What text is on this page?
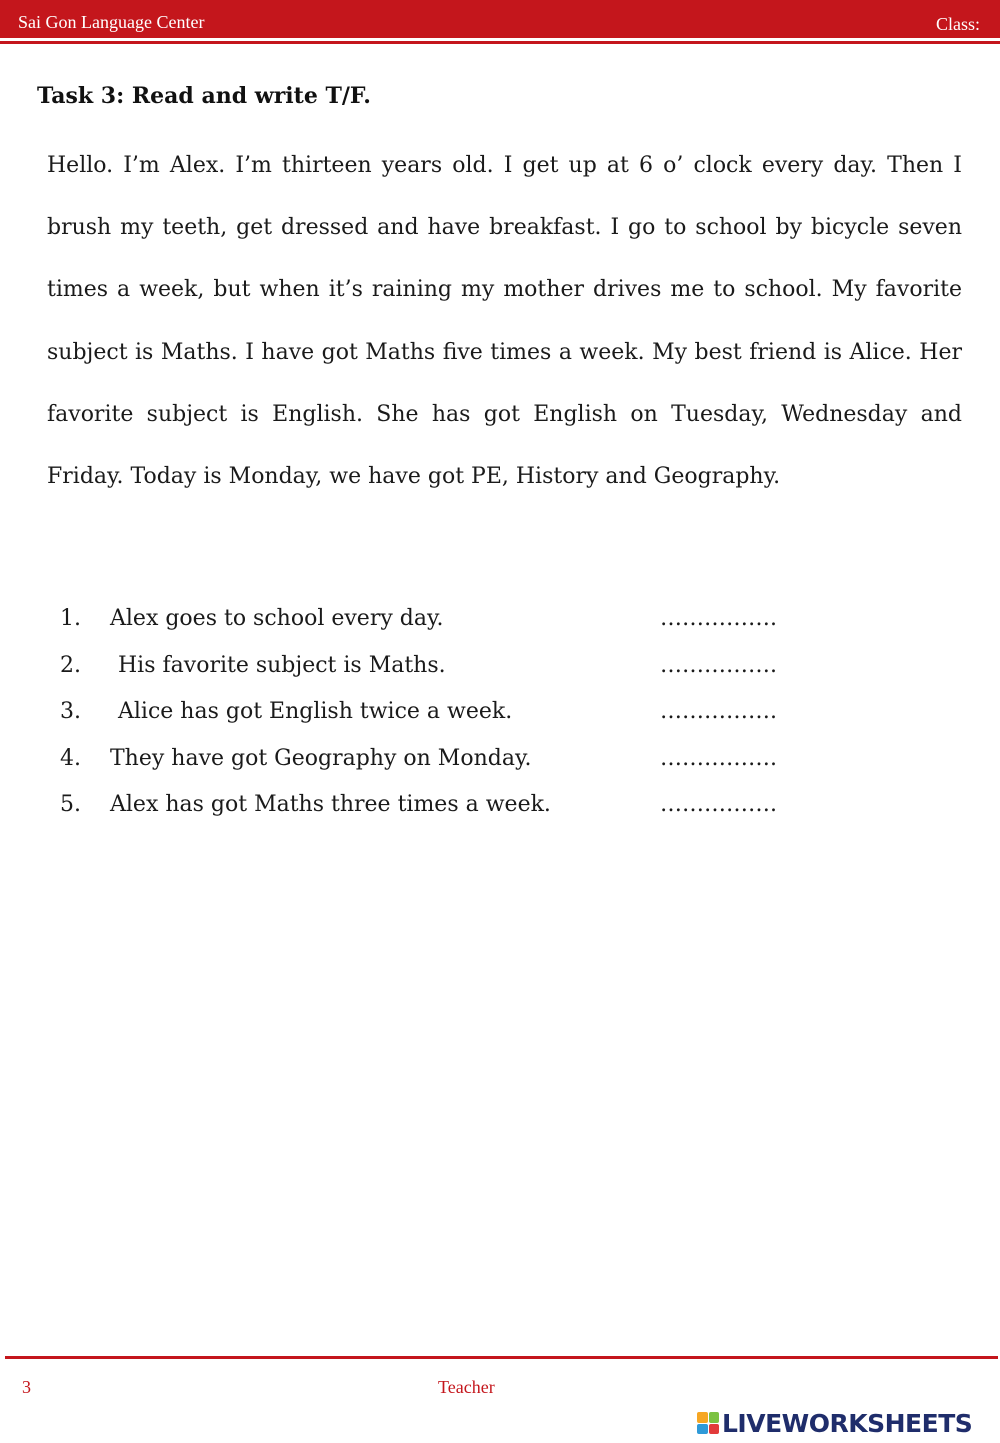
Sai Gon Language Center	Class:
Task 3: Read and write T/F.
Hello. I’m Alex. I’m thirteen years old. I get up at 6 o’ clock every day. Then I brush my teeth, get dressed and have breakfast. I go to school by bicycle seven times a week, but when it’s raining my mother drives me to school. My favorite subject is Maths. I have got Maths five times a week. My best friend is Alice. Her favorite subject is English. She has got English on Tuesday, Wednesday and Friday. Today is Monday, we have got PE, History and Geography.
1. Alex goes to school every day.	…………….
2. His favorite subject is Maths.	…………….
3. Alice has got English twice a week.	…………….
4. They have got Geography on Monday.	…………….
5. Alex has got Maths three times a week.	…………….
3	Teacher
LIVEWORKSHEETS
